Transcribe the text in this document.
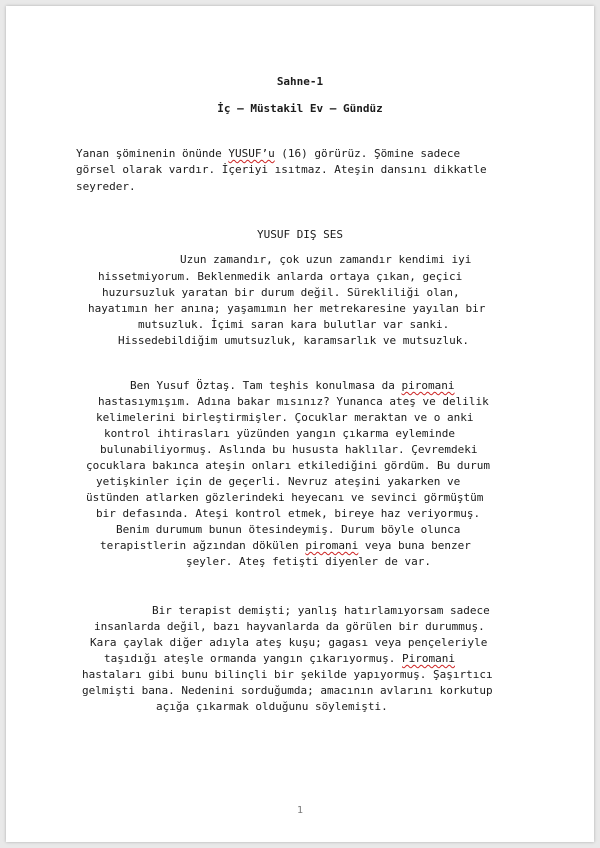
Sahne-1

İç – Müstakil Ev – Gündüz

Yanan şöminenin önünde YUSUF’u (16) görürüz. Şömine sadece

görsel olarak vardır. İçeriyi ısıtmaz. Ateşin dansını dikkatle

seyreder.

YUSUF DIŞ SES

Uzun zamandır, çok uzun zamandır kendimi iyi

hissetmiyorum. Beklenmedik anlarda ortaya çıkan, geçici

huzursuzluk yaratan bir durum değil. Sürekliliği olan,

hayatımın her anına; yaşamımın her metrekaresine yayılan bir

mutsuzluk. İçimi saran kara bulutlar var sanki.

Hissedebildiğim umutsuzluk, karamsarlık ve mutsuzluk.

Ben Yusuf Öztaş. Tam teşhis konulmasa da piromani

hastasıymışım. Adına bakar mısınız? Yunanca ateş ve delilik

kelimelerini birleştirmişler. Çocuklar meraktan ve o anki

kontrol ihtirasları yüzünden yangın çıkarma eyleminde

bulunabiliyormuş. Aslında bu hususta haklılar. Çevremdeki

çocuklara bakınca ateşin onları etkilediğini gördüm. Bu durum

yetişkinler için de geçerli. Nevruz ateşini yakarken ve

üstünden atlarken gözlerindeki heyecanı ve sevinci görmüştüm

bir defasında. Ateşi kontrol etmek, bireye haz veriyormuş.

Benim durumum bunun ötesindeymiş. Durum böyle olunca

terapistlerin ağzından dökülen piromani veya buna benzer

şeyler. Ateş fetişti diyenler de var.

Bir terapist demişti; yanlış hatırlamıyorsam sadece

insanlarda değil, bazı hayvanlarda da görülen bir durummuş.

Kara çaylak diğer adıyla ateş kuşu; gagası veya pençeleriyle

taşıdığı ateşle ormanda yangın çıkarıyormuş. Piromani

hastaları gibi bunu bilinçli bir şekilde yapıyormuş. Şaşırtıcı

gelmişti bana. Nedenini sorduğumda; amacının avlarını korkutup

açığa çıkarmak olduğunu söylemişti.

1
